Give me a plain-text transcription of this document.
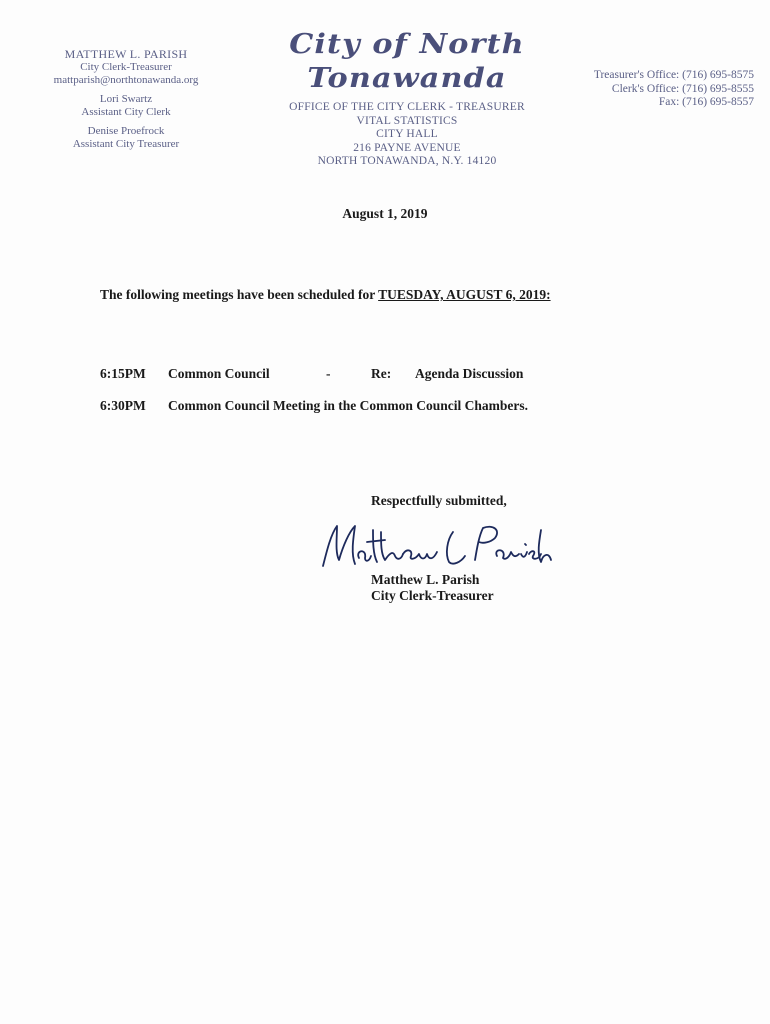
MATTHEW L. PARISH
City Clerk-Treasurer
mattparish@northtonawanda.org
Lori Swartz
Assistant City Clerk
Denise Proefrock
Assistant City Treasurer
City of North Tonawanda
OFFICE OF THE CITY CLERK - TREASURER
VITAL STATISTICS
CITY HALL
216 PAYNE AVENUE
NORTH TONAWANDA, N.Y. 14120
Treasurer's Office: (716) 695-8575
Clerk's Office: (716) 695-8555
Fax: (716) 695-8557
August 1, 2019
The following meetings have been scheduled for TUESDAY, AUGUST 6, 2019:
6:15PM	Common Council	-	Re: Agenda Discussion
6:30PM	Common Council Meeting in the Common Council Chambers.
Respectfully submitted,
Matthew L. Parish
City Clerk-Treasurer
